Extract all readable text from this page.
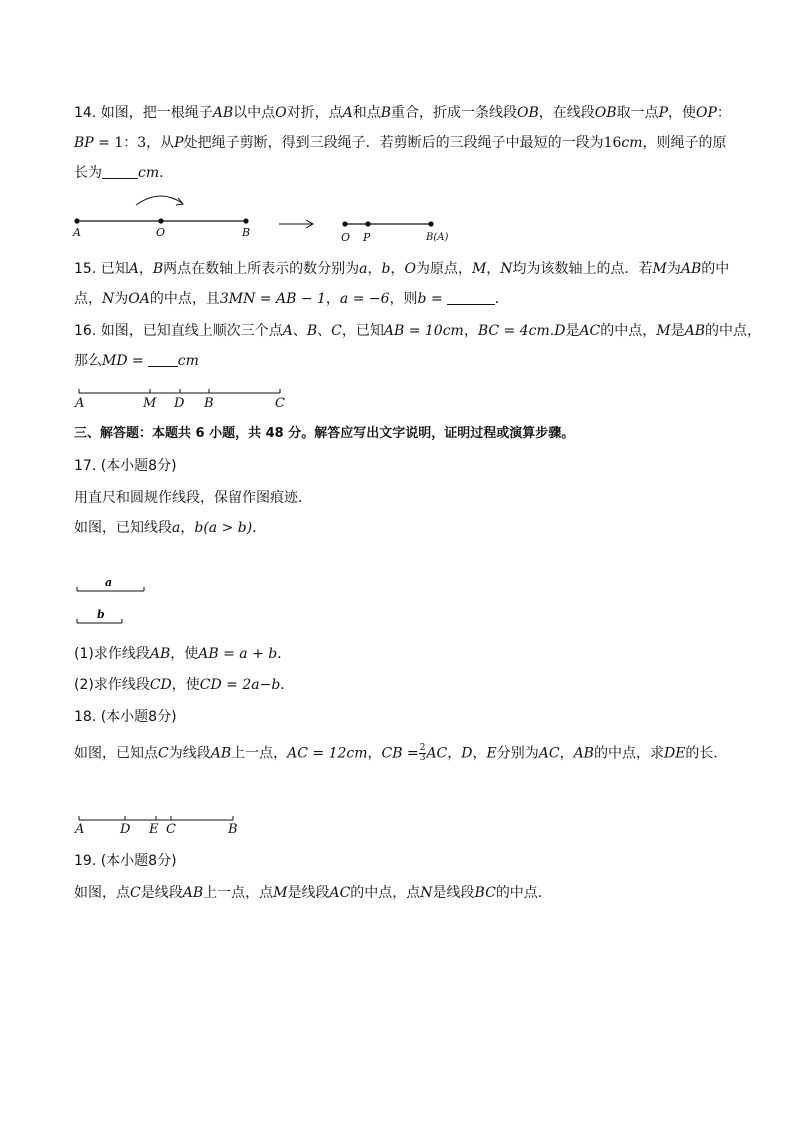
14. 如图，把一根绳子AB以中点O对折，点A和点B重合，折成一条线段OB，在线段OB取一点P，使OP：
BP = 1：3，从P处把绳子剪断，得到三段绳子．若剪断后的三段绳子中最短的一段为16cm，则绳子的原
长为	cm．
A	O	B	O P	B(A)
15. 已知A，B两点在数轴上所表示的数分别为a，b，O为原点，M，N均为该数轴上的点．若M为AB的中
点，N为OA的中点，且3MN = AB − 1，a = −6，则b =	．
16. 如图，已知直线上顺次三个点A、B、C，已知AB = 10cm，BC = 4cm.D是AC的中点，M是AB的中点，
那么MD = cm
A	M D B	C
三、解答题：本题共 6 小题，共 48 分。解答应写出文字说明，证明过程或演算步骤。
17. (本小题8分)
用直尺和圆规作线段，保留作图痕迹．
如图，已知线段a，b(a > b)．
a
b
(1)求作线段AB，使AB = a + b．
(2)求作线段CD，使CD = 2a−b．
18. (本小题8分)
如图，已知点C为线段AB上一点，AC = 12cm，CB = $\frac{2}{3}$ AC，D，E分别为AC，AB的中点，求DE的长．
A	D E C	B
19. (本小题8分)
如图，点C是线段AB上一点，点M是线段AC的中点，点N是线段BC的中点．
